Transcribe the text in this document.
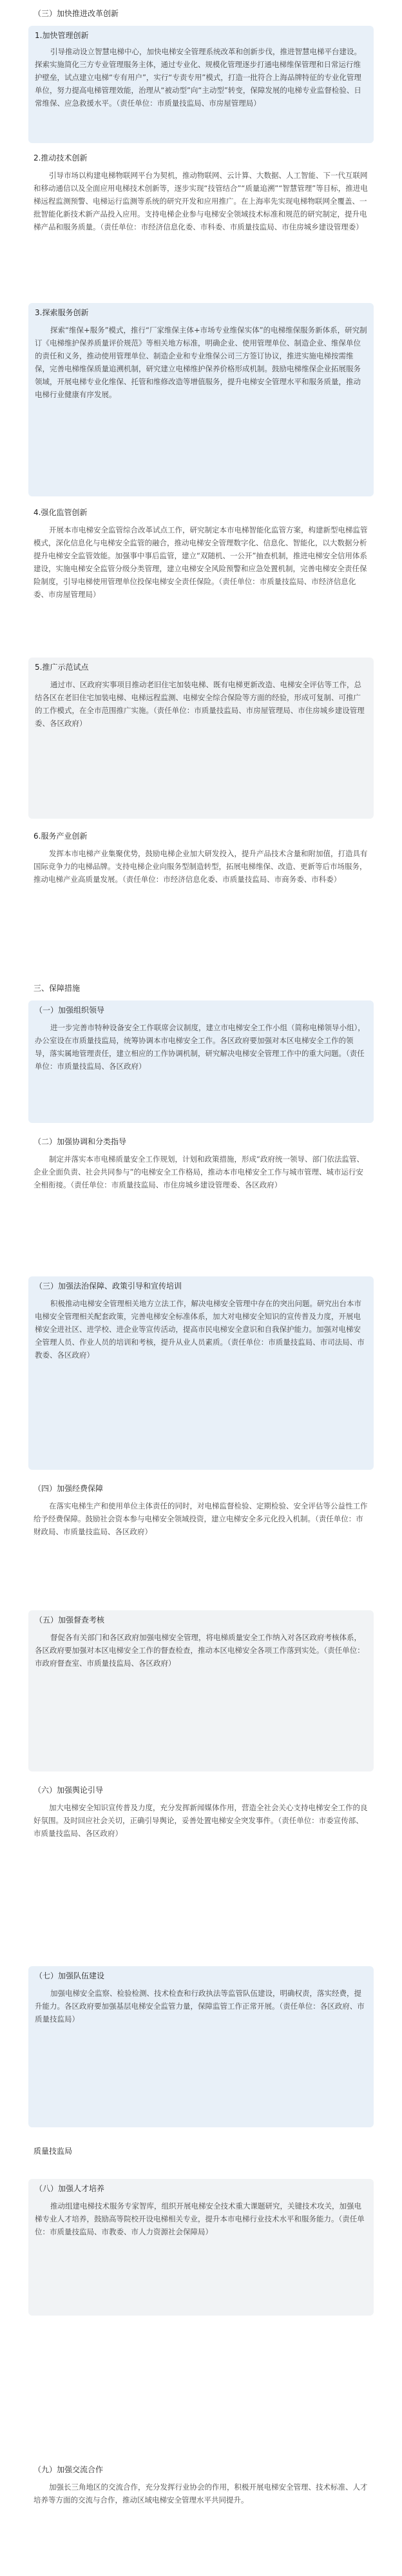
（三）加快推进改革创新
1.加快管理创新
引导推动设立智慧电梯中心，加快电梯安全管理系统改革和创新步伐，推进智慧电梯平台建设。探索实施简化三方专业管理服务主体，通过专业化、规模化管理逐步打通电梯维保管理和日常运行维护壁垒，试点建立电梯“专有用户”，实行“专责专用”模式，打造一批符合上海品牌特征的专业化管理单位，努力提高电梯管理效能，治理从“被动型”向“主动型”转变，保障发展的电梯专业监督检验、日常维保、应急救援水平。（责任单位：市质量技监局、市房屋管理局）
2.推动技术创新
引导市场以构建电梯物联网平台为契机，推动物联网、云计算、大数据、人工智能、下一代互联网和移动通信以及全面应用电梯技术创新等，逐步实现“技管结合”“质量追溯”“智慧管理”等目标，推进电梯远程监测预警、电梯运行监测等系统的研究开发和应用推广。在上海率先实现电梯物联网全覆盖、一批智能化新技术新产品投入应用。支持电梯企业参与电梯安全领域技术标准和规范的研究制定，提升电梯产品和服务质量。（责任单位：市经济信息化委、市科委、市质量技监局、市住房城乡建设管理委）
3.探索服务创新
探索“维保+服务”模式，推行“厂家维保主体+市场专业维保实体”的电梯维保服务新体系，研究制订《电梯维护保养质量评价规范》等相关地方标准，明确企业、使用管理单位、制造企业、维保单位的责任和义务，推动使用管理单位、制造企业和专业维保公司三方签订协议，推进实施电梯按需维保，完善电梯维保质量追溯机制，研究建立电梯维护保养价格形成机制。鼓励电梯维保企业拓展服务领域，开展电梯专业化维保、托管和维修改造等增值服务，提升电梯安全管理水平和服务质量，推动电梯行业健康有序发展。
4.强化监管创新
开展本市电梯安全监管综合改革试点工作，研究制定本市电梯智能化监管方案，构建新型电梯监管模式，深化信息化与电梯安全监管的融合，推动电梯安全管理数字化、信息化、智能化，以大数据分析提升电梯安全监管效能。加强事中事后监管，建立“双随机、一公开”抽查机制，推进电梯安全信用体系建设，实施电梯安全监管分级分类管理，建立电梯安全风险预警和应急处置机制，完善电梯安全责任保险制度，引导电梯使用管理单位投保电梯安全责任保险。（责任单位：市质量技监局、市经济信息化委、市房屋管理局）
5.推广示范试点
通过市、区政府实事项目推动老旧住宅加装电梯、既有电梯更新改造、电梯安全评估等工作，总结各区在老旧住宅加装电梯、电梯远程监测、电梯安全综合保险等方面的经验，形成可复制、可推广的工作模式，在全市范围推广实施。（责任单位：市质量技监局、市房屋管理局、市住房城乡建设管理委、各区政府）
6.服务产业创新
发挥本市电梯产业集聚优势，鼓励电梯企业加大研发投入，提升产品技术含量和附加值，打造具有国际竞争力的电梯品牌。支持电梯企业向服务型制造转型，拓展电梯维保、改造、更新等后市场服务，推动电梯产业高质量发展。（责任单位：市经济信息化委、市质量技监局、市商务委、市科委）
三、保障措施
（一）加强组织领导
进一步完善市特种设备安全工作联席会议制度，建立市电梯安全工作小组（简称电梯领导小组），办公室设在市质量技监局，统筹协调本市电梯安全工作。各区政府要加强对本区电梯安全工作的领导，落实属地管理责任，建立相应的工作协调机制，研究解决电梯安全管理工作中的重大问题。（责任单位：市质量技监局、各区政府）
（二）加强协调和分类指导
制定并落实本市电梯质量安全工作规划，计划和政策措施，形成“政府统一领导、部门依法监管、企业全面负责、社会共同参与”的电梯安全工作格局，推动本市电梯安全工作与城市管理、城市运行安全相衔接。（责任单位：市质量技监局、市住房城乡建设管理委、各区政府）
（三）加强法治保障、政策引导和宣传培训
积极推动电梯安全管理相关地方立法工作，解决电梯安全管理中存在的突出问题。研究出台本市电梯安全管理相关配套政策，完善电梯安全标准体系，加大对电梯安全知识的宣传普及力度，开展电梯安全进社区、进学校、进企业等宣传活动，提高市民电梯安全意识和自我保护能力。加强对电梯安全管理人员、作业人员的培训和考核，提升从业人员素质。（责任单位：市质量技监局、市司法局、市教委、各区政府）
（四）加强经费保障
在落实电梯生产和使用单位主体责任的同时，对电梯监督检验、定期检验、安全评估等公益性工作给予经费保障。鼓励社会资本参与电梯安全领域投资，建立电梯安全多元化投入机制。（责任单位：市财政局、市质量技监局、各区政府）
（五）加强督查考核
督促各有关部门和各区政府加强电梯安全管理，将电梯质量安全工作纳入对各区政府考核体系，各区政府要加强对本区电梯安全工作的督查检查，推动本区电梯安全各项工作落到实处。（责任单位：市政府督查室、市质量技监局、各区政府）
（六）加强舆论引导
加大电梯安全知识宣传普及力度，充分发挥新闻媒体作用，营造全社会关心支持电梯安全工作的良好氛围。及时回应社会关切，正确引导舆论，妥善处置电梯安全突发事件。（责任单位：市委宣传部、市质量技监局、各区政府）
（七）加强队伍建设
加强电梯安全监察、检验检测、技术检查和行政执法等监管队伍建设，明确权责，落实经费，提升能力。各区政府要加强基层电梯安全监管力量，保障监管工作正常开展。（责任单位：各区政府、市质量技监局）
质量技监局
（八）加强人才培养
推动组建电梯技术服务专家智库，组织开展电梯安全技术重大课题研究，关键技术攻关，加强电梯专业人才培养，鼓励高等院校开设电梯相关专业，提升本市电梯行业技术水平和服务能力。（责任单位：市质量技监局、市教委、市人力资源社会保障局）
（九）加强交流合作
加强长三角地区的交流合作，充分发挥行业协会的作用，积极开展电梯安全管理、技术标准、人才培养等方面的交流与合作，推动区域电梯安全管理水平共同提升。
